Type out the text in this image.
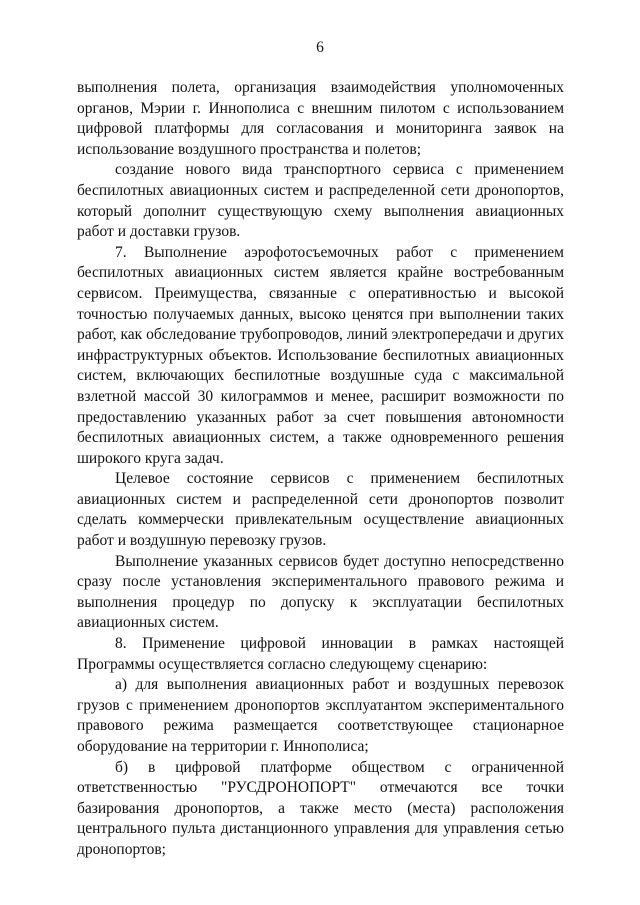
6

выполнения полета, организация взаимодействия уполномоченных органов, Мэрии г. Иннополиса с внешним пилотом с использованием цифровой платформы для согласования и мониторинга заявок на использование воздушного пространства и полетов;

создание нового вида транспортного сервиса с применением беспилотных авиационных систем и распределенной сети дронопортов, который дополнит существующую схему выполнения авиационных работ и доставки грузов.

7. Выполнение аэрофотосъемочных работ с применением беспилотных авиационных систем является крайне востребованным сервисом. Преимущества, связанные с оперативностью и высокой точностью получаемых данных, высоко ценятся при выполнении таких работ, как обследование трубопроводов, линий электропередачи и других инфраструктурных объектов. Использование беспилотных авиационных систем, включающих беспилотные воздушные суда с максимальной взлетной массой 30 килограммов и менее, расширит возможности по предоставлению указанных работ за счет повышения автономности беспилотных авиационных систем, а также одновременного решения широкого круга задач.

Целевое состояние сервисов с применением беспилотных авиационных систем и распределенной сети дронопортов позволит сделать коммерчески привлекательным осуществление авиационных работ и воздушную перевозку грузов.

Выполнение указанных сервисов будет доступно непосредственно сразу после установления экспериментального правового режима и выполнения процедур по допуску к эксплуатации беспилотных авиационных систем.

8. Применение цифровой инновации в рамках настоящей Программы осуществляется согласно следующему сценарию:

а) для выполнения авиационных работ и воздушных перевозок грузов с применением дронопортов эксплуатантом экспериментального правового режима размещается соответствующее стационарное оборудование на территории г. Иннополиса;

б) в цифровой платформе обществом с ограниченной ответственностью "РУСДРОНОПОРТ" отмечаются все точки базирования дронопортов, а также место (места) расположения центрального пульта дистанционного управления для управления сетью дронопортов;
